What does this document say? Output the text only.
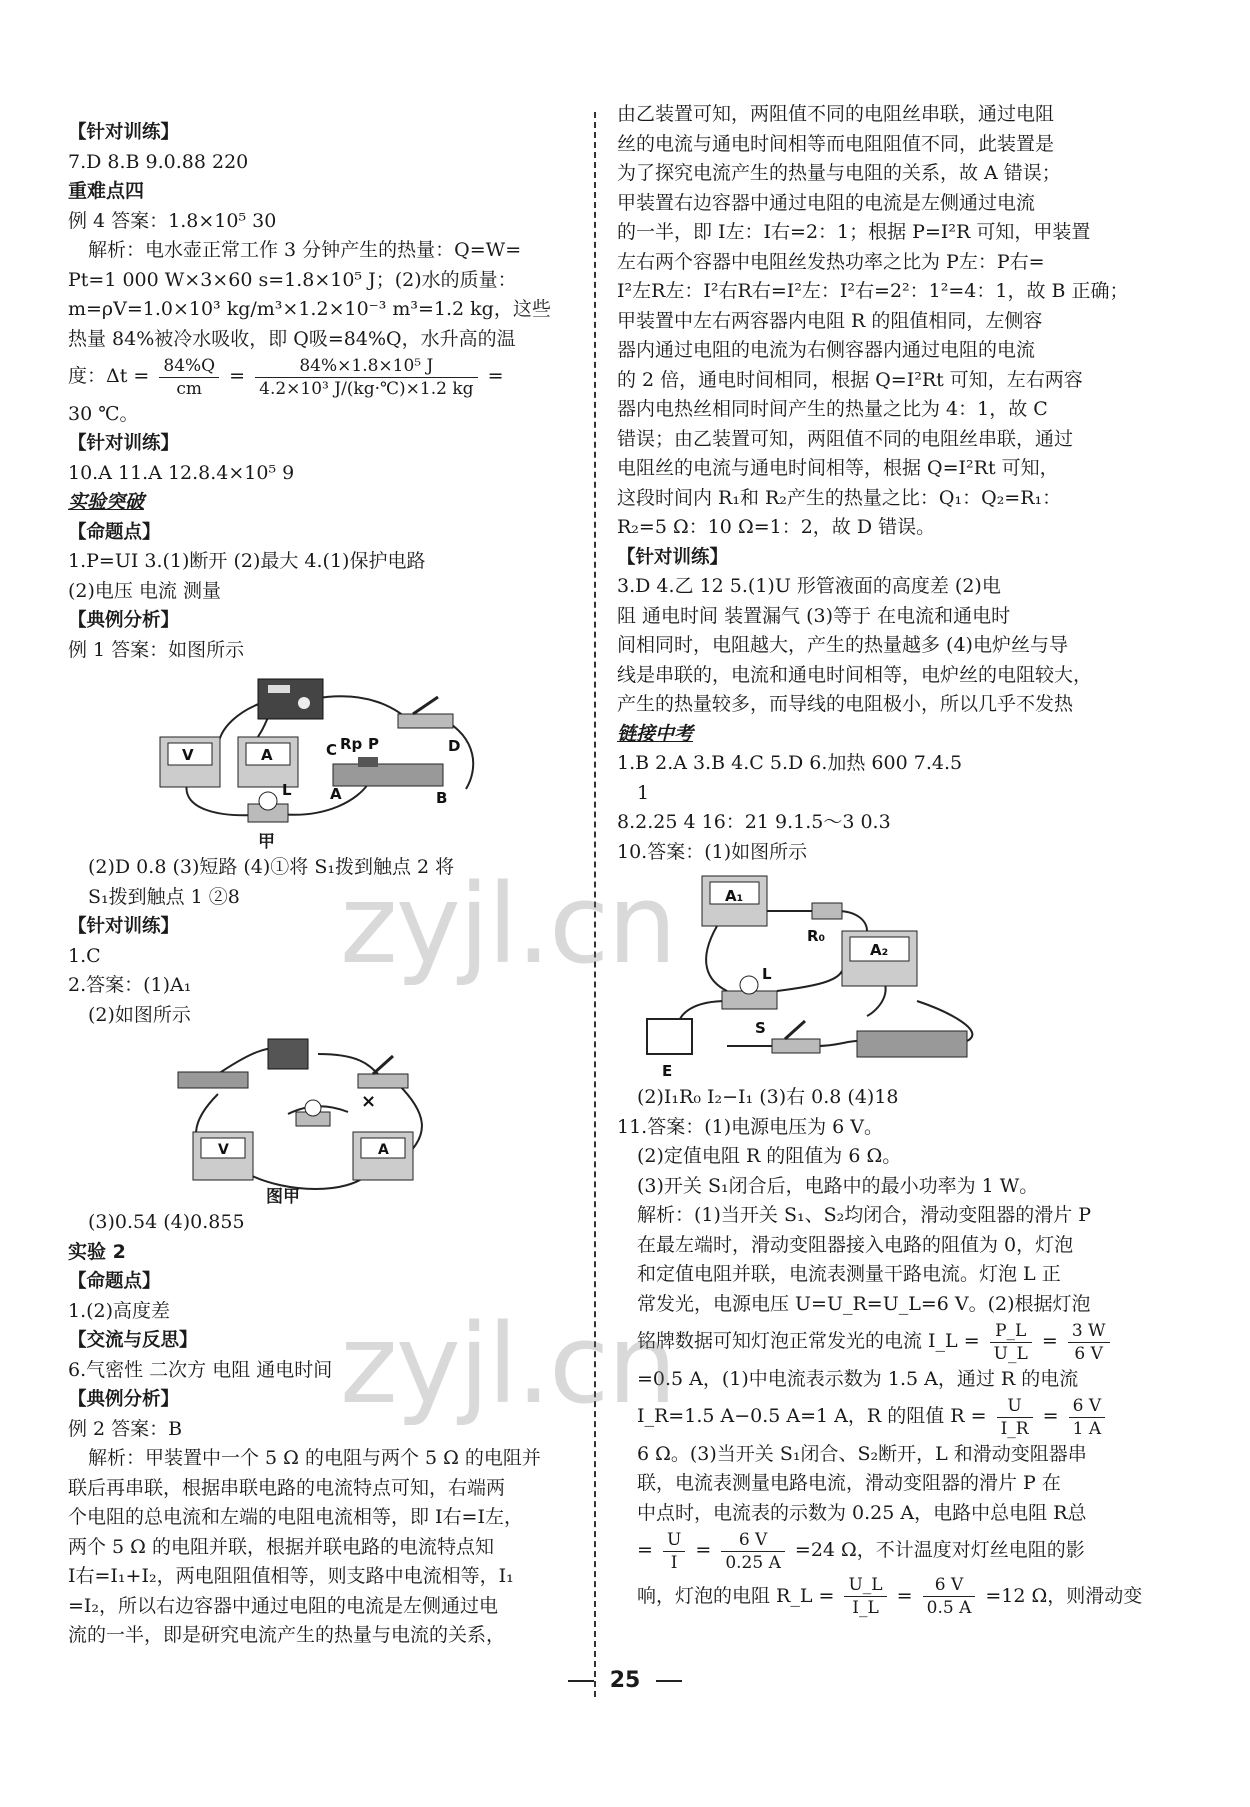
【针对训练】
7.D 8.B 9.0.88 220
重难点四
例 4 答案：1.8×10⁵ 30
解析：电水壶正常工作 3 分钟产生的热量：Q=W=
Pt=1 000 W×3×60 s=1.8×10⁵ J；(2)水的质量：
m=ρV=1.0×10³ kg/m³×1.2×10⁻³ m³=1.2 kg，这些
热量 84%被冷水吸收，即 Q吸=84%Q，水升高的温
度：$\Delta t = \frac{84\%Q}{cm} = \frac{\text{84\%×1.8×10⁵ J}}{\text{4.2×10³ J/(kg·℃)×1.2 kg}}$ =
30 ℃。
【针对训练】
10.A 11.A 12.8.4×10⁵ 9
实验突破
【命题点】
1.P=UI 3.(1)断开 (2)最大 4.(1)保护电路
(2)电压 电流 测量
【典例分析】
例 1 答案：如图所示
V	A	C Rp P	D
A	B
L
甲
(2)D 0.8 (3)短路 (4)①将 S₁拨到触点 2 将
S₁拨到触点 1 ②8
【针对训练】
1.C
2.答案：(1)A₁
(2)如图所示
V	A
×
图甲
(3)0.54 (4)0.855
实验 2
【命题点】
1.(2)高度差
【交流与反思】
6.气密性 二次方 电阻 通电时间
【典例分析】
例 2 答案：B
解析：甲装置中一个 5 Ω 的电阻与两个 5 Ω 的电阻并
联后再串联，根据串联电路的电流特点可知，右端两
个电阻的总电流和左端的电阻电流相等，即 I右=I左，
两个 5 Ω 的电阻并联，根据并联电路的电流特点知
I右=I₁+I₂，两电阻阻值相等，则支路中电流相等，I₁
=I₂，所以右边容器中通过电阻的电流是左侧通过电
流的一半，即是研究电流产生的热量与电流的关系，
由乙装置可知，两阻值不同的电阻丝串联，通过电阻
丝的电流与通电时间相等而电阻阻值不同，此装置是
为了探究电流产生的热量与电阻的关系，故 A 错误；
甲装置右边容器中通过电阻的电流是左侧通过电流
的一半，即 I左：I右=2：1；根据 P=I²R 可知，甲装置
左右两个容器中电阻丝发热功率之比为 P左：P右=
I²左R左：I²右R右=I²左：I²右=2²：1²=4：1，故 B 正确；
甲装置中左右两容器内电阻 R 的阻值相同，左侧容
器内通过电阻的电流为右侧容器内通过电阻的电流
的 2 倍，通电时间相同，根据 Q=I²Rt 可知，左右两容
器内电热丝相同时间产生的热量之比为 4：1，故 C
错误；由乙装置可知，两阻值不同的电阻丝串联，通过
电阻丝的电流与通电时间相等，根据 Q=I²Rt 可知，
这段时间内 R₁和 R₂产生的热量之比：Q₁：Q₂=R₁：
R₂=5 Ω：10 Ω=1：2，故 D 错误。
【针对训练】
3.D 4.乙 12 5.(1)U 形管液面的高度差 (2)电
阻 通电时间 装置漏气 (3)等于 在电流和通电时
间相同时，电阻越大，产生的热量越多 (4)电炉丝与导
线是串联的，电流和通电时间相等，电炉丝的电阻较大，
产生的热量较多，而导线的电阻极小，所以几乎不发热
链接中考
1.B 2.A 3.B 4.C 5.D 6.加热 600 7.4.5
1
8.2.25 4 16：21 9.1.5～3 0.3
10.答案：(1)如图所示
A₁
R₀
L
A₂
S
E
(2)I₁R₀ I₂−I₁ (3)右 0.8 (4)18
11.答案：(1)电源电压为 6 V。
(2)定值电阻 R 的阻值为 6 Ω。
(3)开关 S₁闭合后，电路中的最小功率为 1 W。
解析：(1)当开关 S₁、S₂均闭合，滑动变阻器的滑片 P
在最左端时，滑动变阻器接入电路的阻值为 0，灯泡
和定值电阻并联，电流表测量干路电流。灯泡 L 正
常发光，电源电压 U=U_R=U_L=6 V。(2)根据灯泡
铭牌数据可知灯泡正常发光的电流 I_L = $\frac{P\_L}{U\_L} = \frac{3 W}{6 V}$
=0.5 A，(1)中电流表示数为 1.5 A，通过 R 的电流
I_R=1.5 A−0.5 A=1 A，R 的阻值 $R = \frac{U}{I\_R} = \frac{6 V}{1 A}$
6 Ω。(3)当开关 S₁闭合、S₂断开，L 和滑动变阻器串
联，电流表测量电路电流，滑动变阻器的滑片 P 在
中点时，电流表的示数为 0.25 A，电路中总电阻 R总
= $\frac{U}{I} = \frac{6 V}{0.25 A} =24$ Ω，不计温度对灯丝电阻的影
响，灯泡的电阻 R_L = $\frac{U\_L}{I\_L} = \frac{6 V}{0.5 A} =12$ Ω，则滑动变
zyjl.cn
zyjl.cn
25
